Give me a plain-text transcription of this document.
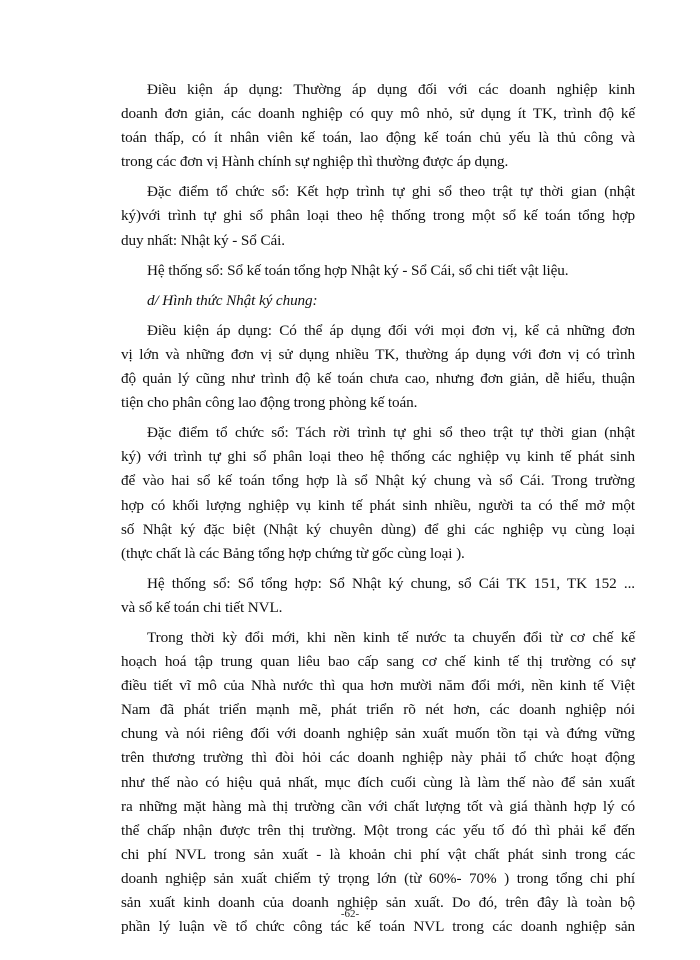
Điều kiện áp dụng: Thường áp dụng đối với các doanh nghiệp kinh
doanh đơn giản, các doanh nghiệp có quy mô nhỏ, sử dụng ít TK, trình độ kế
toán thấp, có ít nhân viên kế toán, lao động kế toán chủ yếu là thủ công và
trong các đơn vị Hành chính sự nghiệp thì thường được áp dụng.
Đặc điểm tổ chức sổ: Kết hợp trình tự ghi sổ theo trật tự thời gian (nhật
ký)với trình tự ghi sổ phân loại theo hệ thống trong một sổ kế toán tổng hợp
duy nhất: Nhật ký - Sổ Cái.
Hệ thống sổ: Sổ kế toán tổng hợp Nhật ký - Sổ Cái, sổ chi tiết vật liệu.
d/ Hình thức Nhật ký chung:
Điều kiện áp dụng: Có thể áp dụng đối với mọi đơn vị, kể cả những đơn
vị lớn và những đơn vị sử dụng nhiều TK, thường áp dụng với đơn vị có trình
độ quản lý cũng như trình độ kế toán chưa cao, nhưng đơn giản, dễ hiểu, thuận
tiện cho phân công lao động trong phòng kế toán.
Đặc điểm tổ chức sổ: Tách rời trình tự ghi sổ theo trật tự thời gian (nhật
ký) với trình tự ghi sổ phân loại theo hệ thống các nghiệp vụ kinh tế phát sinh
để vào hai sổ kế toán tổng hợp là sổ Nhật ký chung và sổ Cái. Trong trường
hợp có khối lượng nghiệp vụ kinh tế phát sinh nhiều, người ta có thể mở một
số Nhật ký đặc biệt (Nhật ký chuyên dùng) để ghi các nghiệp vụ cùng loại
(thực chất là các Bảng tổng hợp chứng từ gốc cùng loại ).
Hệ thống sổ: Sổ tổng hợp: Sổ Nhật ký chung, sổ Cái TK 151, TK 152 ...
và sổ kế toán chi tiết NVL.
Trong thời kỳ đổi mới, khi nền kinh tế nước ta chuyển đổi từ cơ chế kế
hoạch hoá tập trung quan liêu bao cấp sang cơ chế kinh tế thị trường có sự
điều tiết vĩ mô của Nhà nước thì qua hơn mười năm đổi mới, nền kinh tế Việt
Nam đã phát triển mạnh mẽ, phát triển rõ nét hơn, các doanh nghiệp nói
chung và nói riêng đối với doanh nghiệp sản xuất muốn tồn tại và đứng vững
trên thương trường thì đòi hỏi các doanh nghiệp này phải tổ chức hoạt động
như thế nào có hiệu quả nhất, mục đích cuối cùng là làm thế nào để sản xuất
ra những mặt hàng mà thị trường cần với chất lượng tốt và giá thành hợp lý có
thể chấp nhận được trên thị trường. Một trong các yếu tố đó thì phải kể đến
chi phí NVL trong sản xuất - là khoản chi phí vật chất phát sinh trong các
doanh nghiệp sản xuất chiếm tỷ trọng lớn (từ 60%- 70% ) trong tổng chi phí
sản xuất kinh doanh của doanh nghiệp sản xuất. Do đó, trên đây là toàn bộ
phần lý luận về tổ chức công tác kế toán NVL trong các doanh nghiệp sản
-62-
